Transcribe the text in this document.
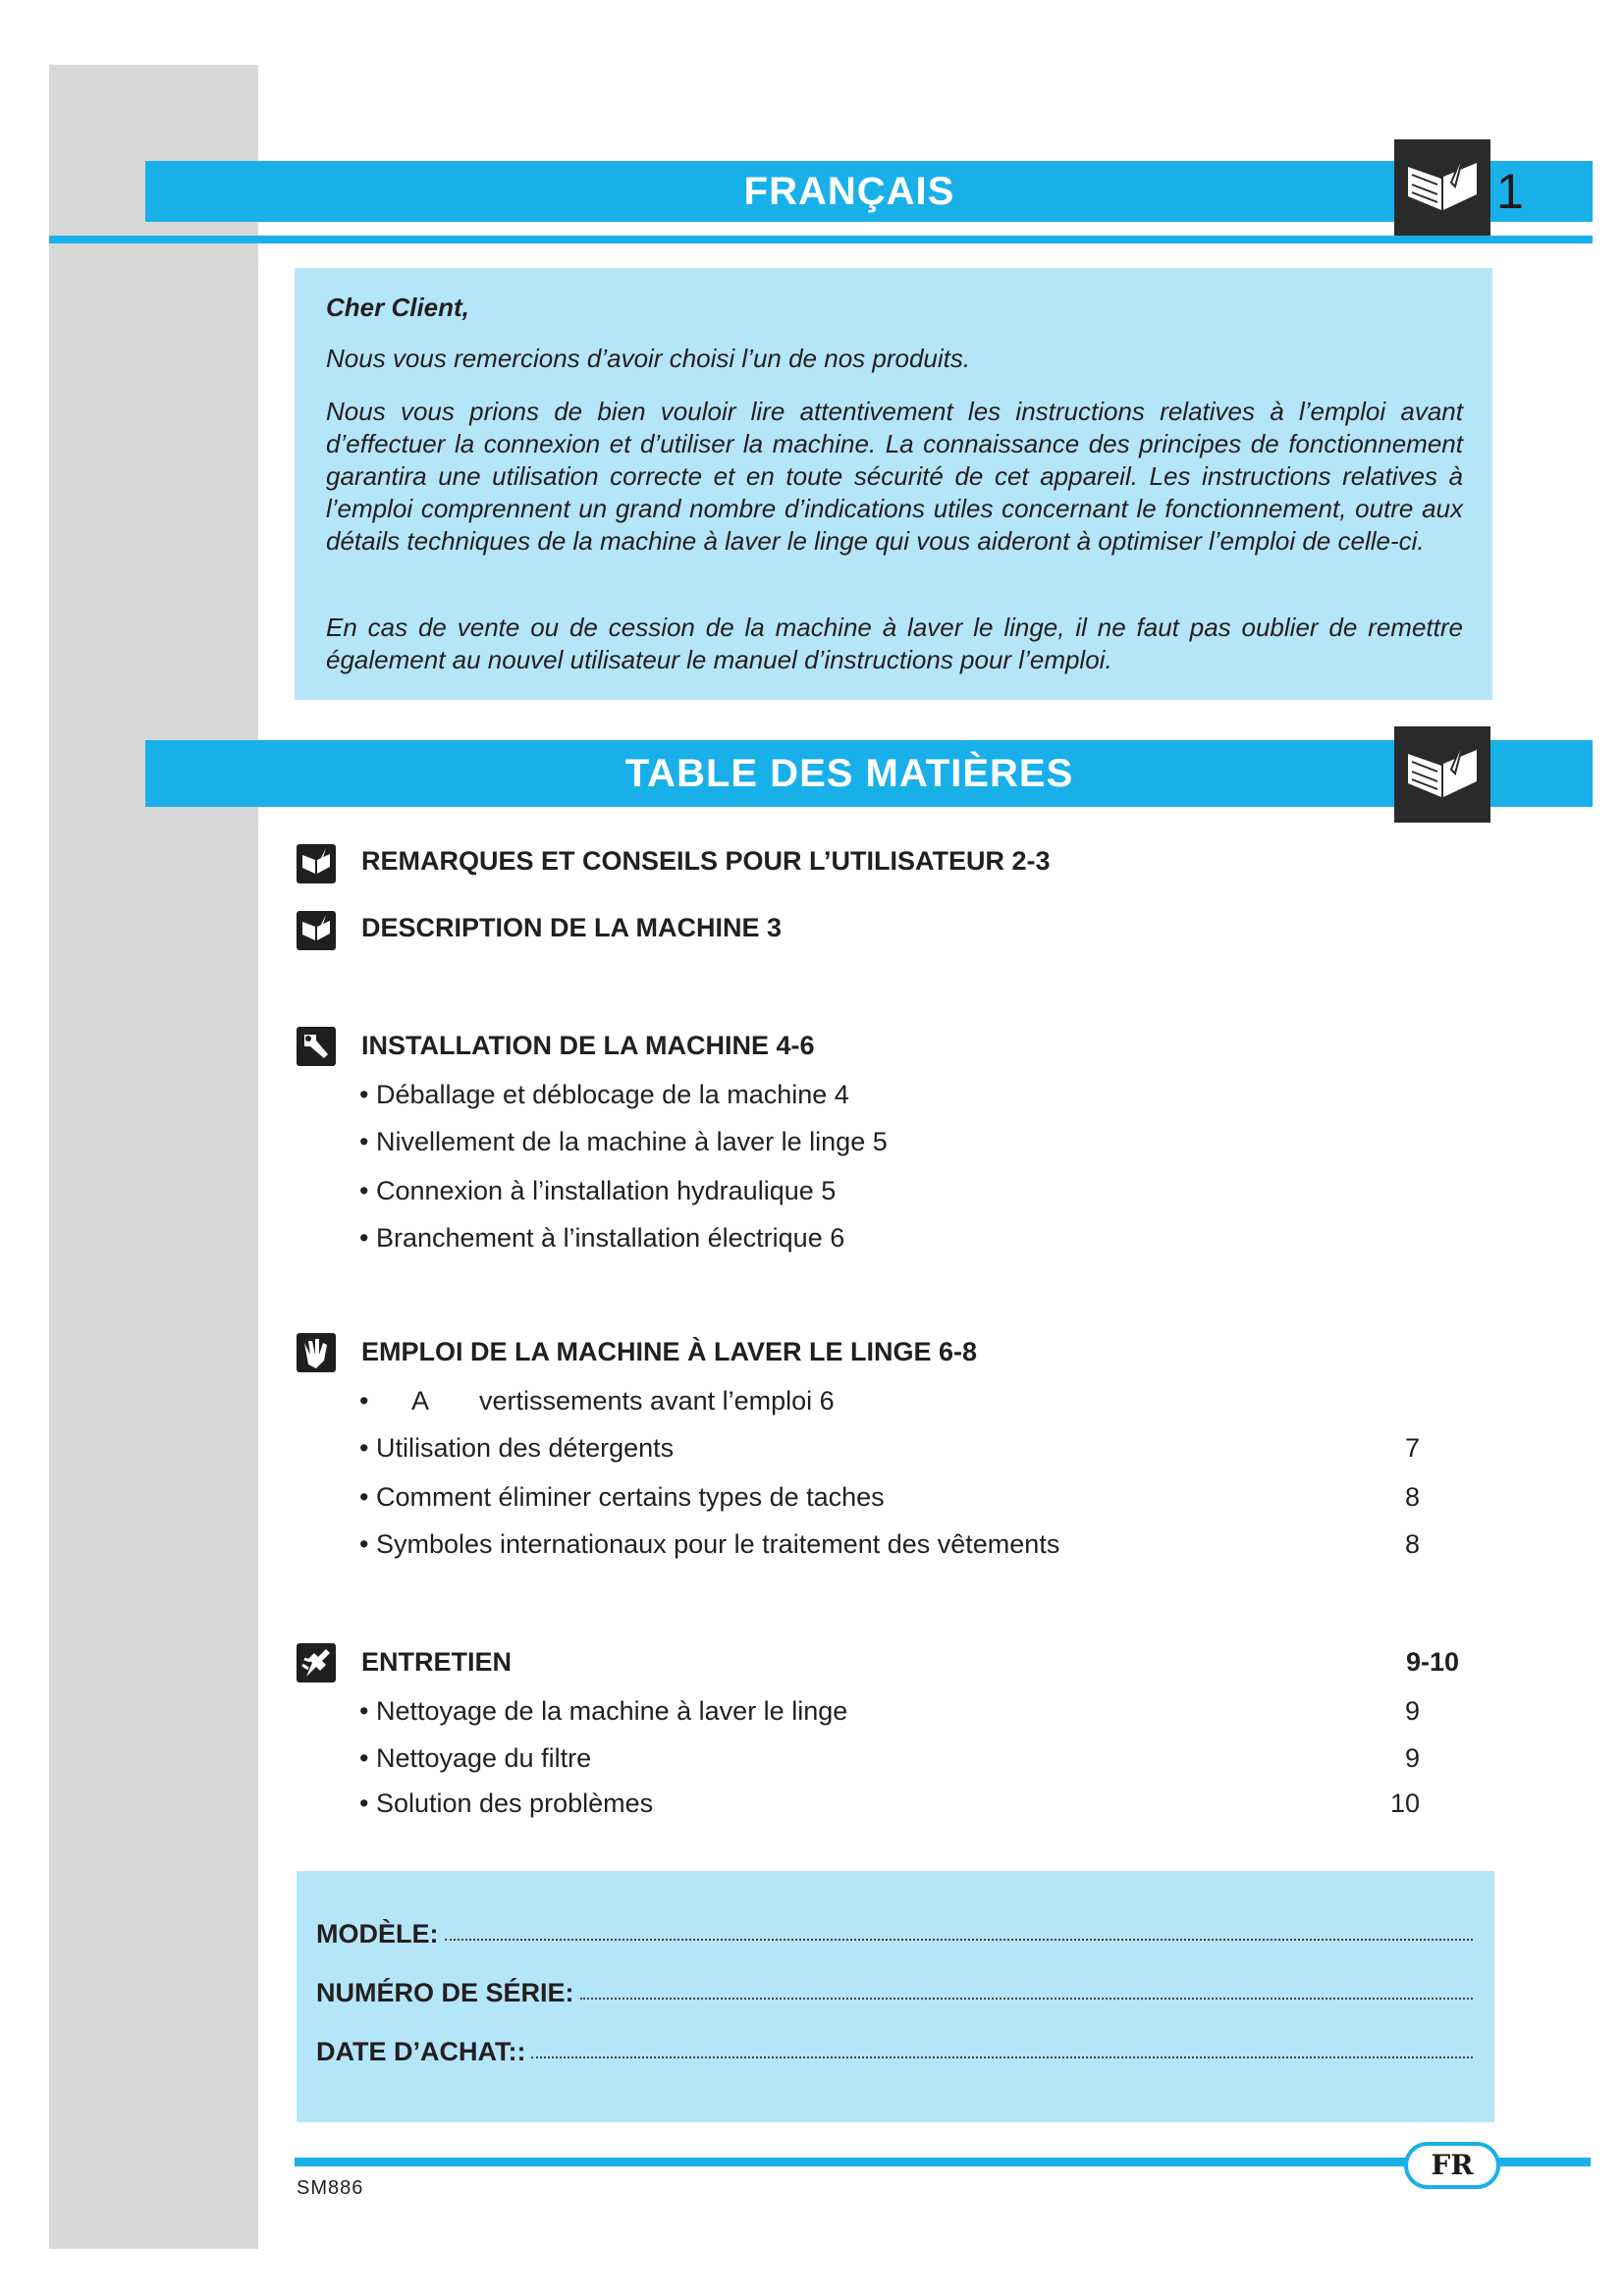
FRANÇAIS	1

Cher Client,

Nous vous remercions d’avoir choisi l’un de nos produits.

Nous vous prions de bien vouloir lire attentivement les instructions relatives à l’emploi avant d’effectuer la connexion et d’utiliser la machine. La connaissance des principes de fonctionnement garantira une utilisation correcte et en toute sécurité de cet appareil. Les instructions relatives à l’emploi comprennent un grand nombre d’indications utiles concernant le fonctionnement, outre aux détails techniques de la machine à laver le linge qui vous aideront à optimiser l’emploi de celle-ci.

En cas de vente ou de cession de la machine à laver le linge, il ne faut pas oublier de remettre également au nouvel utilisateur le manuel d’instructions pour l’emploi.

TABLE DES MATIÈRES
REMARQUES ET CONSEILS POUR L’UTILISATEUR 2-3
DESCRIPTION DE LA MACHINE 3
INSTALLATION DE LA MACHINE 4-6
• Déballage et déblocage de la machine 4
• Nivellement de la machine à laver le linge 5
• Connexion à l’installation hydraulique 5
• Branchement à l’installation électrique 6
EMPLOI DE LA MACHINE À LAVER LE LINGE 6-8
•      A       vertissements avant l’emploi 6
• Utilisation des détergents	7
• Comment éliminer certains types de taches	8
• Symboles internationaux pour le traitement des vêtements	8
ENTRETIEN	9-10
• Nettoyage de la machine à laver le linge	9
• Nettoyage du filtre	9
• Solution des problèmes	10
MODÈLE:
NUMÉRO DE SÉRIE:
DATE D’ACHAT::
FR
SM886
